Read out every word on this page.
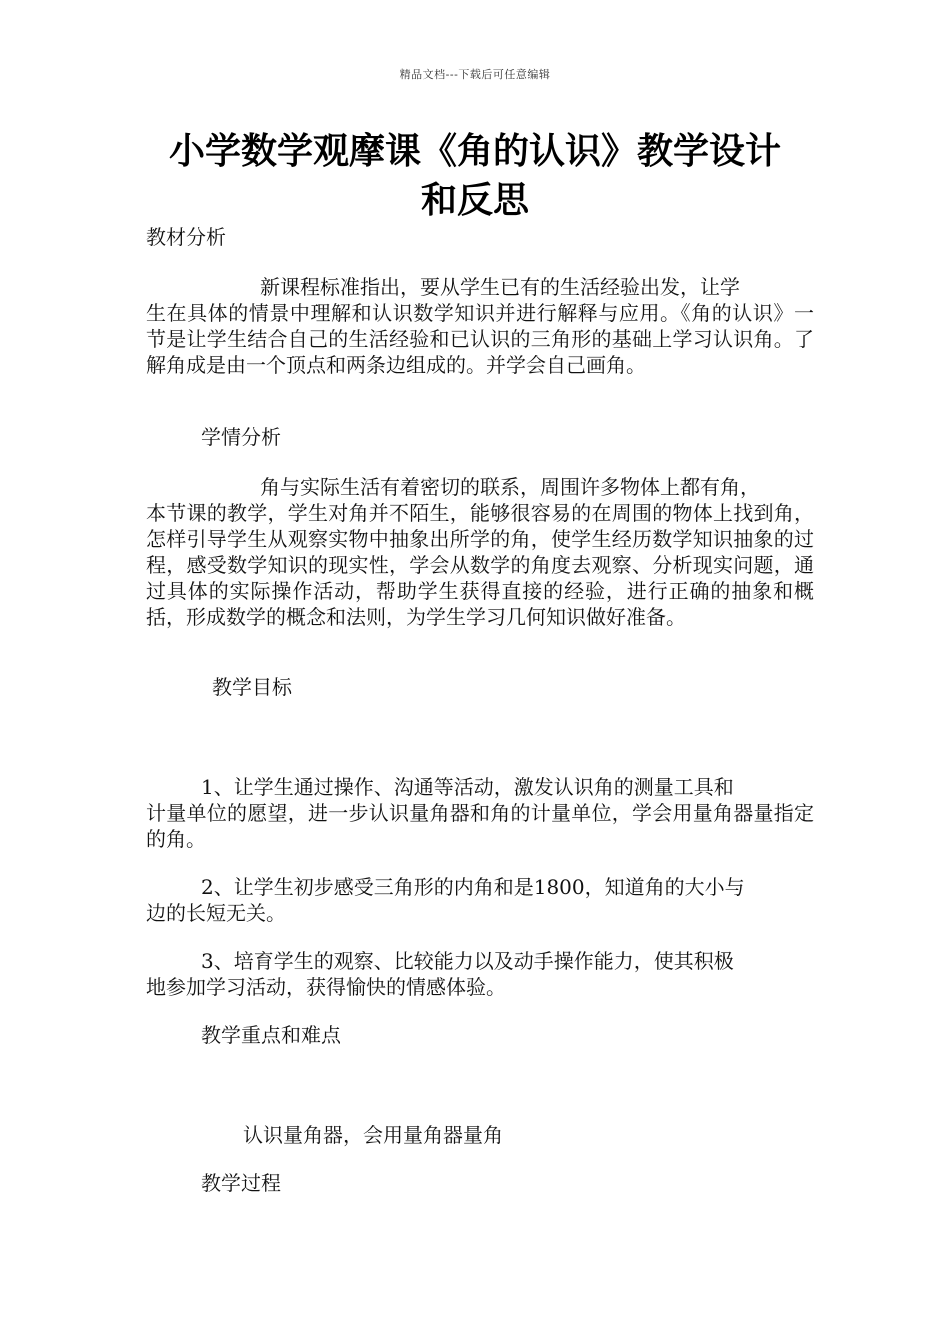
精品文档---下载后可任意编辑
小学数学观摩课《角的认识》教学设计
和反思
教材分析
新课程标准指出，要从学生已有的生活经验出发，让学
生在具体的情景中理解和认识数学知识并进行解释与应用。《角的认识》一节是让学生结合自己的生活经验和已认识的三角形的基础上学习认识角。了解角成是由一个顶点和两条边组成的。并学会自己画角。
学情分析
角与实际生活有着密切的联系，周围许多物体上都有角，
本节课的教学，学生对角并不陌生，能够很容易的在周围的物体上找到角，怎样引导学生从观察实物中抽象出所学的角，使学生经历数学知识抽象的过程，感受数学知识的现实性，学会从数学的角度去观察、分析现实问题，通过具体的实际操作活动，帮助学生获得直接的经验，进行正确的抽象和概括，形成数学的概念和法则，为学生学习几何知识做好准备。
教学目标
1、让学生通过操作、沟通等活动，激发认识角的测量工具和
计量单位的愿望，进一步认识量角器和角的计量单位，学会用量角器量指定的角。
2、让学生初步感受三角形的内角和是1800，知道角的大小与
边的长短无关。
3、培育学生的观察、比较能力以及动手操作能力，使其积极
地参加学习活动，获得愉快的情感体验。
教学重点和难点
认识量角器，会用量角器量角
教学过程
